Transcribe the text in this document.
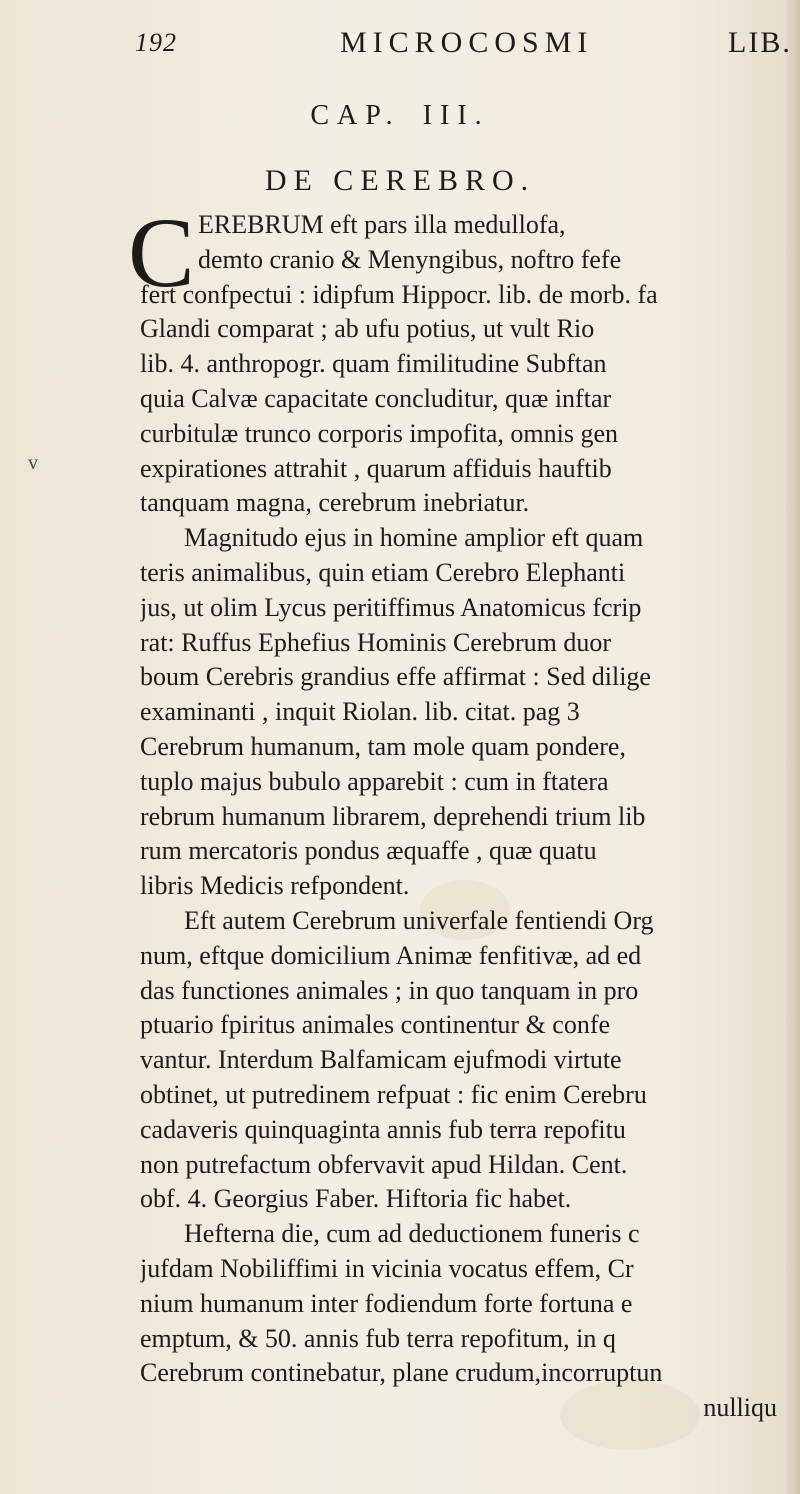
192	MICROCOSMI	LIB.
CAP. III.
DE CEREBRO.
C
v
EREBRUM eft pars illa medullofa,
demto cranio & Menyngibus, noftro fefe
fert confpectui : idipfum Hippocr. lib. de morb. fa
Glandi comparat ; ab ufu potius, ut vult Rio
lib. 4. anthropogr. quam fimilitudine Subftan
quia Calvæ capacitate concluditur, quæ inftar
curbitulæ trunco corporis impofita, omnis gen
expirationes attrahit , quarum affiduis hauftib
tanquam magna, cerebrum inebriatur.
Magnitudo ejus in homine amplior eft quam
teris animalibus, quin etiam Cerebro Elephanti
jus, ut olim Lycus peritiffimus Anatomicus fcrip
rat: Ruffus Ephefius Hominis Cerebrum duor
boum Cerebris grandius effe affirmat : Sed dilige
examinanti , inquit Riolan. lib. citat. pag 3
Cerebrum humanum, tam mole quam pondere,
tuplo majus bubulo apparebit : cum in ftatera
rebrum humanum librarem, deprehendi trium lib
rum mercatoris pondus æquaffe , quæ quatu
libris Medicis refpondent.
Eft autem Cerebrum univerfale fentiendi Org
num, eftque domicilium Animæ fenfitivæ, ad ed
das functiones animales ; in quo tanquam in pro
ptuario fpiritus animales continentur & confe
vantur. Interdum Balfamicam ejufmodi virtute
obtinet, ut putredinem refpuat : fic enim Cerebru
cadaveris quinquaginta annis fub terra repofitu
non putrefactum obfervavit apud Hildan. Cent.
obf. 4. Georgius Faber. Hiftoria fic habet.
Hefterna die, cum ad deductionem funeris c
jufdam Nobiliffimi in vicinia vocatus effem, Cr
nium humanum inter fodiendum forte fortuna e
emptum, & 50. annis fub terra repofitum, in q
Cerebrum continebatur, plane crudum,incorruptun
nulliqu
